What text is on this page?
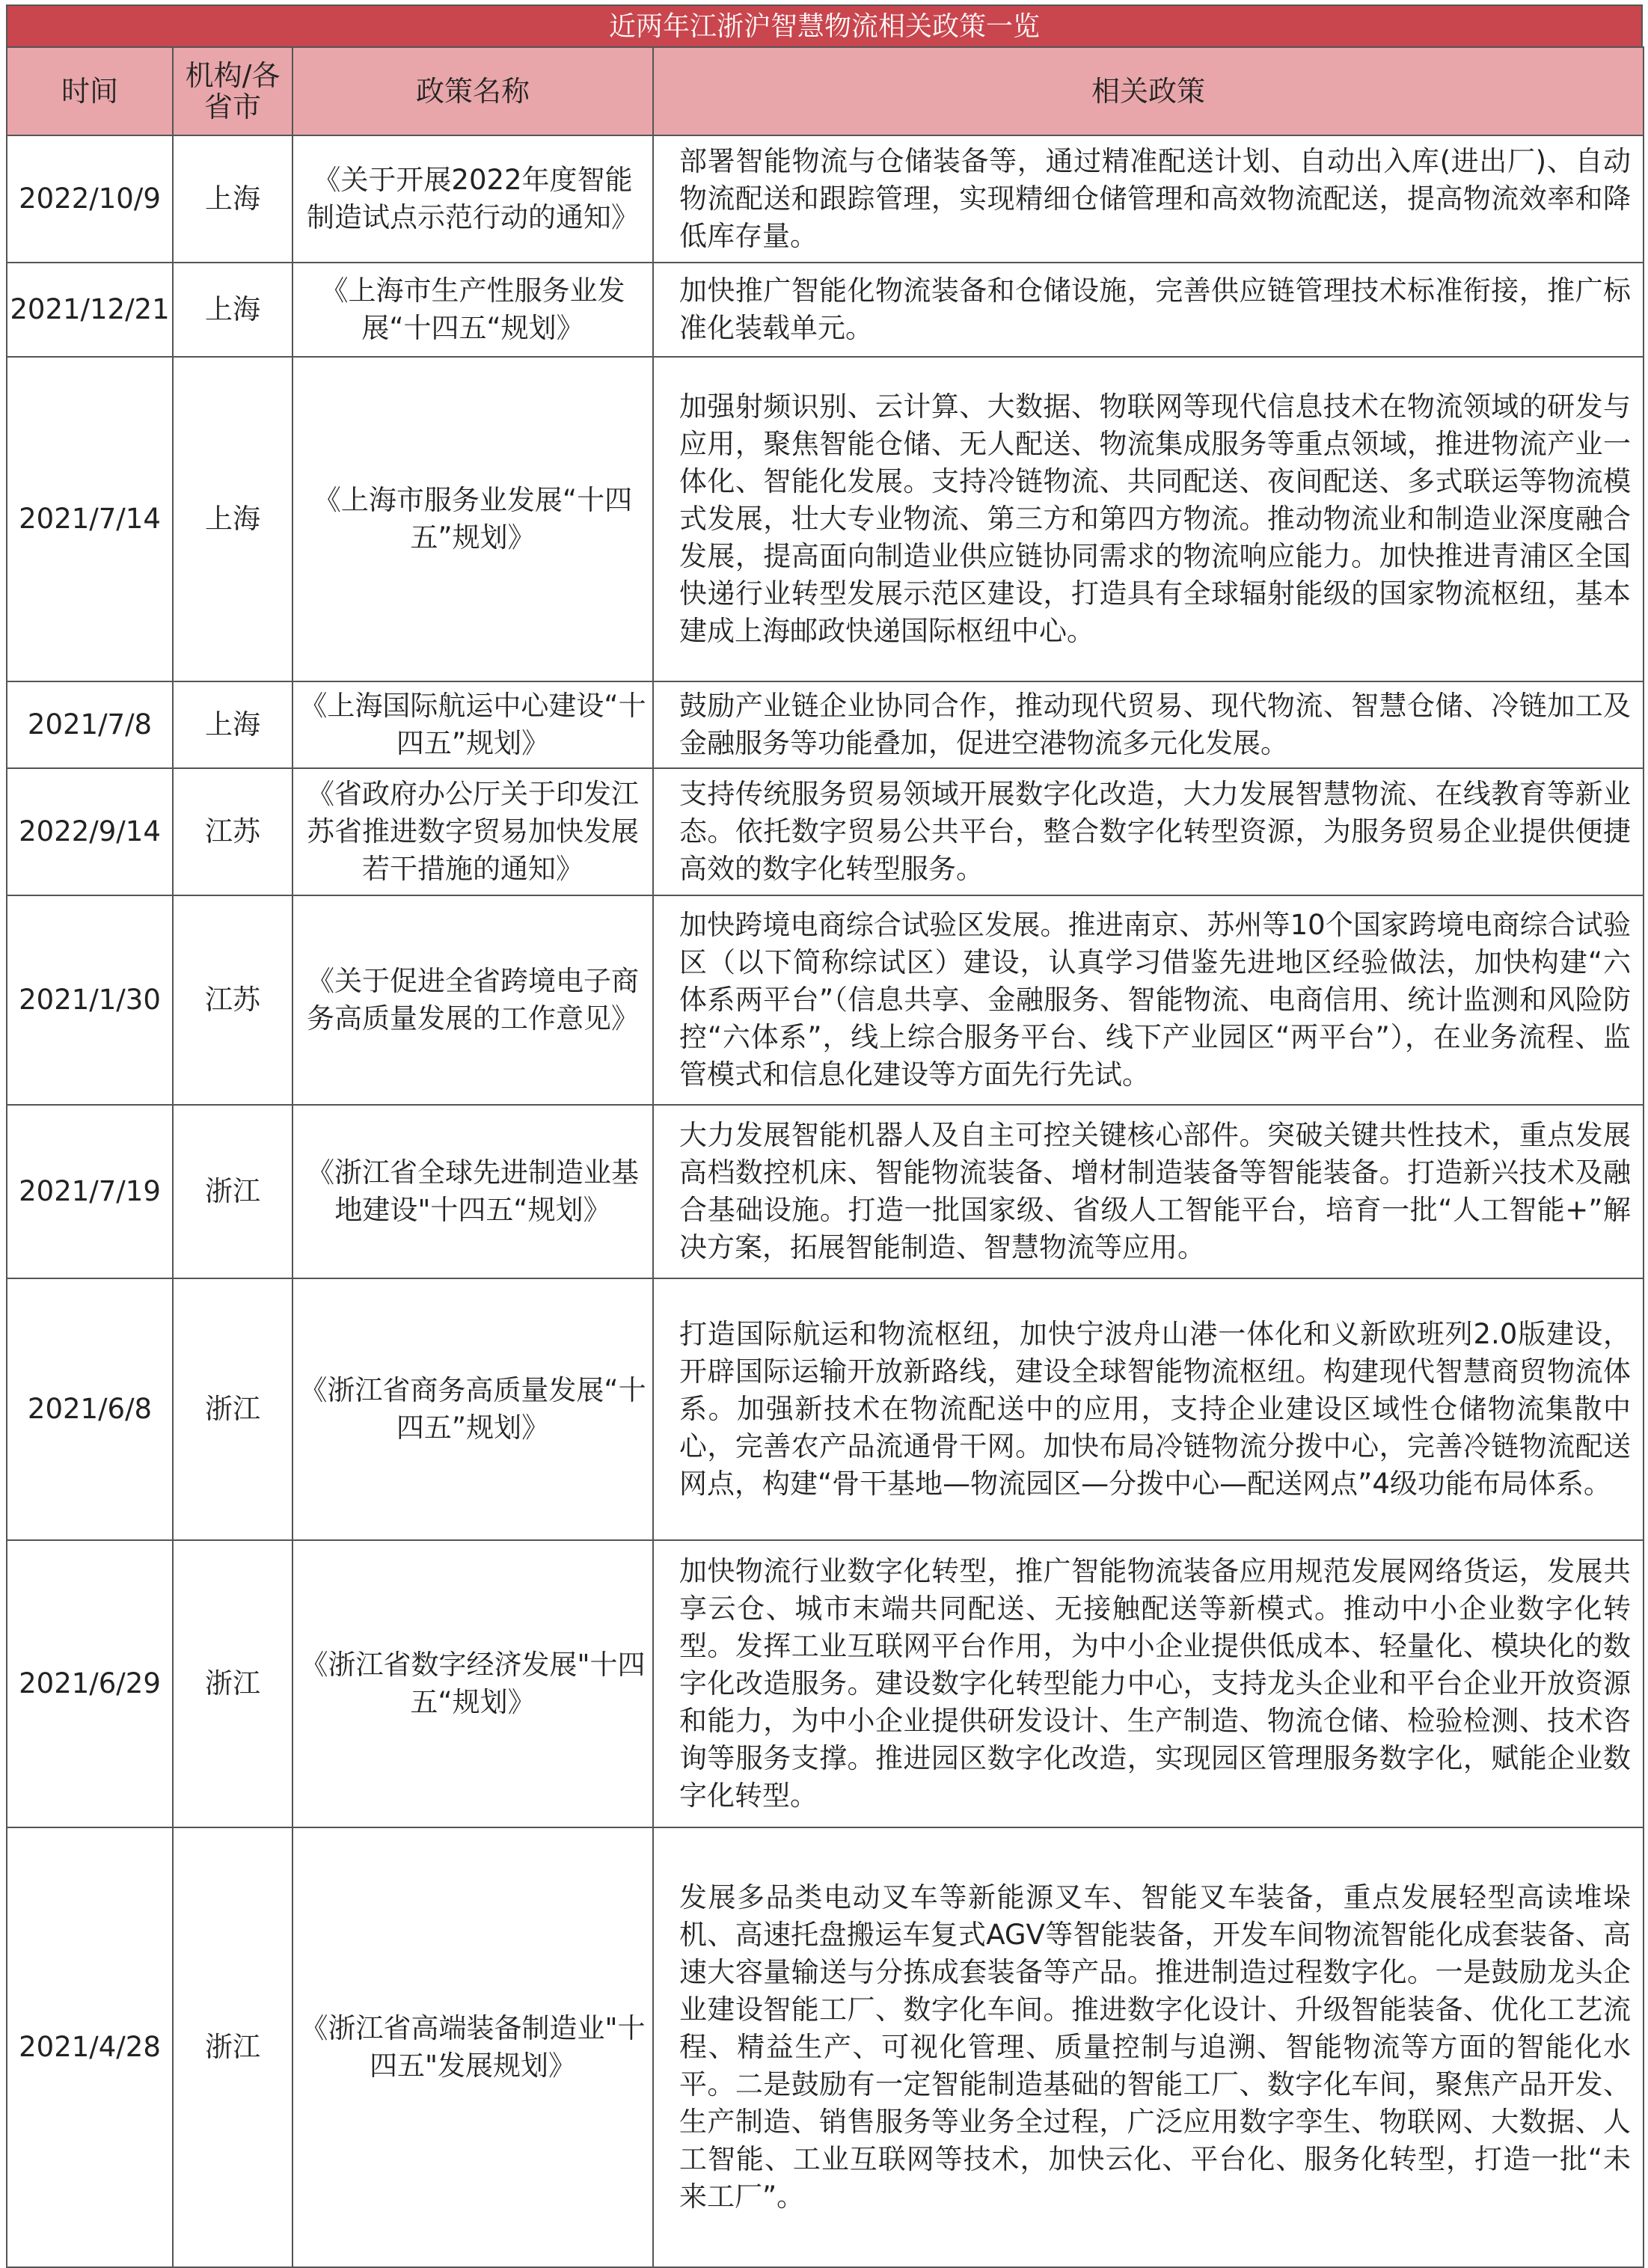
近两年江浙沪智慧物流相关政策一览
时间	机构/各省市	政策名称	相关政策
2022/10/9	上海	《关于开展2022年度智能制造试点示范行动的通知》	部署智能物流与仓储装备等，通过精准配送计划、自动出入库(进出厂)、自动物流配送和跟踪管理，实现精细仓储管理和高效物流配送，提高物流效率和降低库存量。
2021/12/21	上海	《上海市生产性服务业发展“十四五“规划》	加快推广智能化物流装备和仓储设施，完善供应链管理技术标准衔接，推广标准化装载单元。
2021/7/14	上海	《上海市服务业发展“十四五”规划》	加强射频识别、云计算、大数据、物联网等现代信息技术在物流领域的研发与应用，聚焦智能仓储、无人配送、物流集成服务等重点领域，推进物流产业一体化、智能化发展。支持冷链物流、共同配送、夜间配送、多式联运等物流模式发展，壮大专业物流、第三方和第四方物流。推动物流业和制造业深度融合发展，提高面向制造业供应链协同需求的物流响应能力。加快推进青浦区全国快递行业转型发展示范区建设，打造具有全球辐射能级的国家物流枢纽，基本建成上海邮政快递国际枢纽中心。
2021/7/8	上海	《上海国际航运中心建设“十四五”规划》	鼓励产业链企业协同合作，推动现代贸易、现代物流、智慧仓储、冷链加工及金融服务等功能叠加，促进空港物流多元化发展。
2022/9/14	江苏	《省政府办公厅关于印发江苏省推进数字贸易加快发展若干措施的通知》	支持传统服务贸易领域开展数字化改造，大力发展智慧物流、在线教育等新业态。依托数字贸易公共平台，整合数字化转型资源，为服务贸易企业提供便捷高效的数字化转型服务。
2021/1/30	江苏	《关于促进全省跨境电子商务高质量发展的工作意见》	加快跨境电商综合试验区发展。推进南京、苏州等10个国家跨境电商综合试验区（以下简称综试区）建设，认真学习借鉴先进地区经验做法，加快构建“六体系两平台”（信息共享、金融服务、智能物流、电商信用、统计监测和风险防控“六体系”，线上综合服务平台、线下产业园区“两平台”），在业务流程、监管模式和信息化建设等方面先行先试。
2021/7/19	浙江	《浙江省全球先进制造业基地建设"十四五“规划》	大力发展智能机器人及自主可控关键核心部件。突破关键共性技术，重点发展高档数控机床、智能物流装备、增材制造装备等智能装备。打造新兴技术及融合基础设施。打造一批国家级、省级人工智能平台，培育一批“人工智能+”解决方案，拓展智能制造、智慧物流等应用。
2021/6/8	浙江	《浙江省商务高质量发展“十四五”规划》	打造国际航运和物流枢纽，加快宁波舟山港一体化和义新欧班列2.0版建设，开辟国际运输开放新路线，建设全球智能物流枢纽。构建现代智慧商贸物流体系。加强新技术在物流配送中的应用，支持企业建设区域性仓储物流集散中心，完善农产品流通骨干网。加快布局冷链物流分拨中心，完善冷链物流配送网点，构建“骨干基地—物流园区—分拨中心—配送网点”4级功能布局体系。
2021/6/29	浙江	《浙江省数字经济发展"十四五“规划》	加快物流行业数字化转型，推广智能物流装备应用规范发展网络货运，发展共享云仓、城市末端共同配送、无接触配送等新模式。推动中小企业数字化转型。发挥工业互联网平台作用，为中小企业提供低成本、轻量化、模块化的数字化改造服务。建设数字化转型能力中心，支持龙头企业和平台企业开放资源和能力，为中小企业提供研发设计、生产制造、物流仓储、检验检测、技术咨询等服务支撑。推进园区数字化改造，实现园区管理服务数字化，赋能企业数字化转型。
2021/4/28	浙江	《浙江省高端装备制造业"十四五"发展规划》	发展多品类电动叉车等新能源叉车、智能叉车装备，重点发展轻型高读堆垛机、高速托盘搬运车复式AGV等智能装备，开发车间物流智能化成套装备、高速大容量输送与分拣成套装备等产品。推进制造过程数字化。一是鼓励龙头企业建设智能工厂、数字化车间。推进数字化设计、升级智能装备、优化工艺流程、精益生产、可视化管理、质量控制与追溯、智能物流等方面的智能化水平。二是鼓励有一定智能制造基础的智能工厂、数字化车间，聚焦产品开发、生产制造、销售服务等业务全过程，广泛应用数字孪生、物联网、大数据、人工智能、工业互联网等技术，加快云化、平台化、服务化转型，打造一批“未来工厂”。
